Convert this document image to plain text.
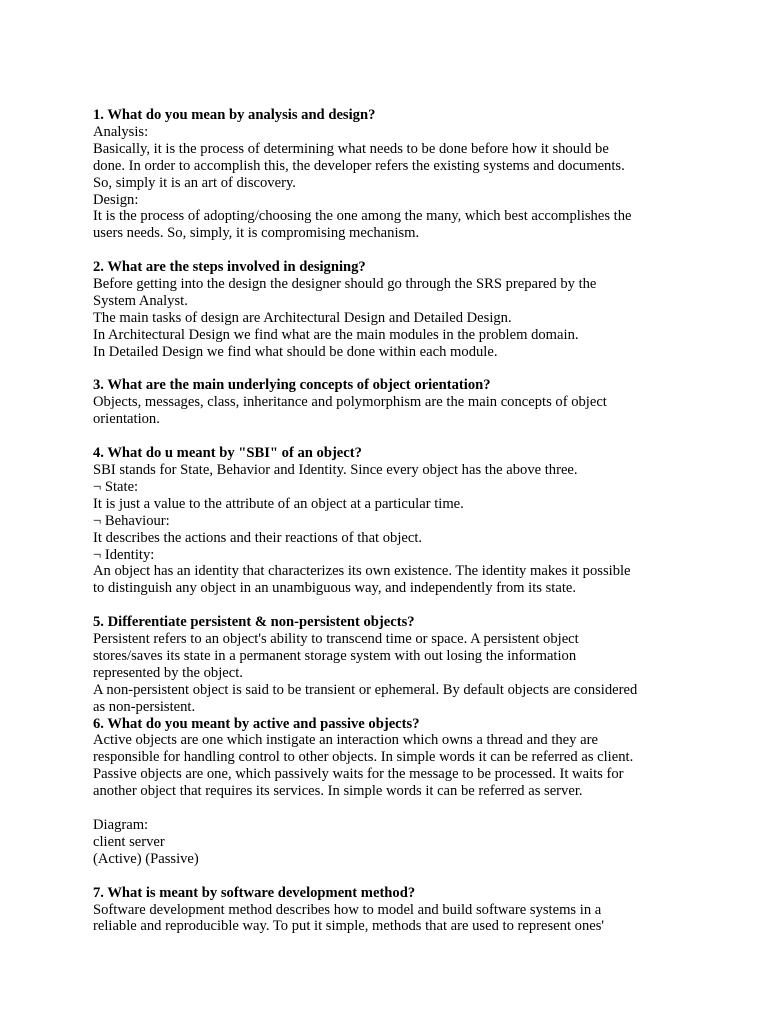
1. What do you mean by analysis and design?
Analysis:
Basically, it is the process of determining what needs to be done before how it should be
done. In order to accomplish this, the developer refers the existing systems and documents.
So, simply it is an art of discovery.
Design:
It is the process of adopting/choosing the one among the many, which best accomplishes the
users needs. So, simply, it is compromising mechanism.
2. What are the steps involved in designing?
Before getting into the design the designer should go through the SRS prepared by the
System Analyst.
The main tasks of design are Architectural Design and Detailed Design.
In Architectural Design we find what are the main modules in the problem domain.
In Detailed Design we find what should be done within each module.
3. What are the main underlying concepts of object orientation?
Objects, messages, class, inheritance and polymorphism are the main concepts of object
orientation.
4. What do u meant by "SBI" of an object?
SBI stands for State, Behavior and Identity. Since every object has the above three.
¬ State:
It is just a value to the attribute of an object at a particular time.
¬ Behaviour:
It describes the actions and their reactions of that object.
¬ Identity:
An object has an identity that characterizes its own existence. The identity makes it possible
to distinguish any object in an unambiguous way, and independently from its state.
5. Differentiate persistent & non-persistent objects?
Persistent refers to an object's ability to transcend time or space. A persistent object
stores/saves its state in a permanent storage system with out losing the information
represented by the object.
A non-persistent object is said to be transient or ephemeral. By default objects are considered
as non-persistent.
6. What do you meant by active and passive objects?
Active objects are one which instigate an interaction which owns a thread and they are
responsible for handling control to other objects. In simple words it can be referred as client.
Passive objects are one, which passively waits for the message to be processed. It waits for
another object that requires its services. In simple words it can be referred as server.
Diagram:
client server
(Active) (Passive)
7. What is meant by software development method?
Software development method describes how to model and build software systems in a
reliable and reproducible way. To put it simple, methods that are used to represent ones'
